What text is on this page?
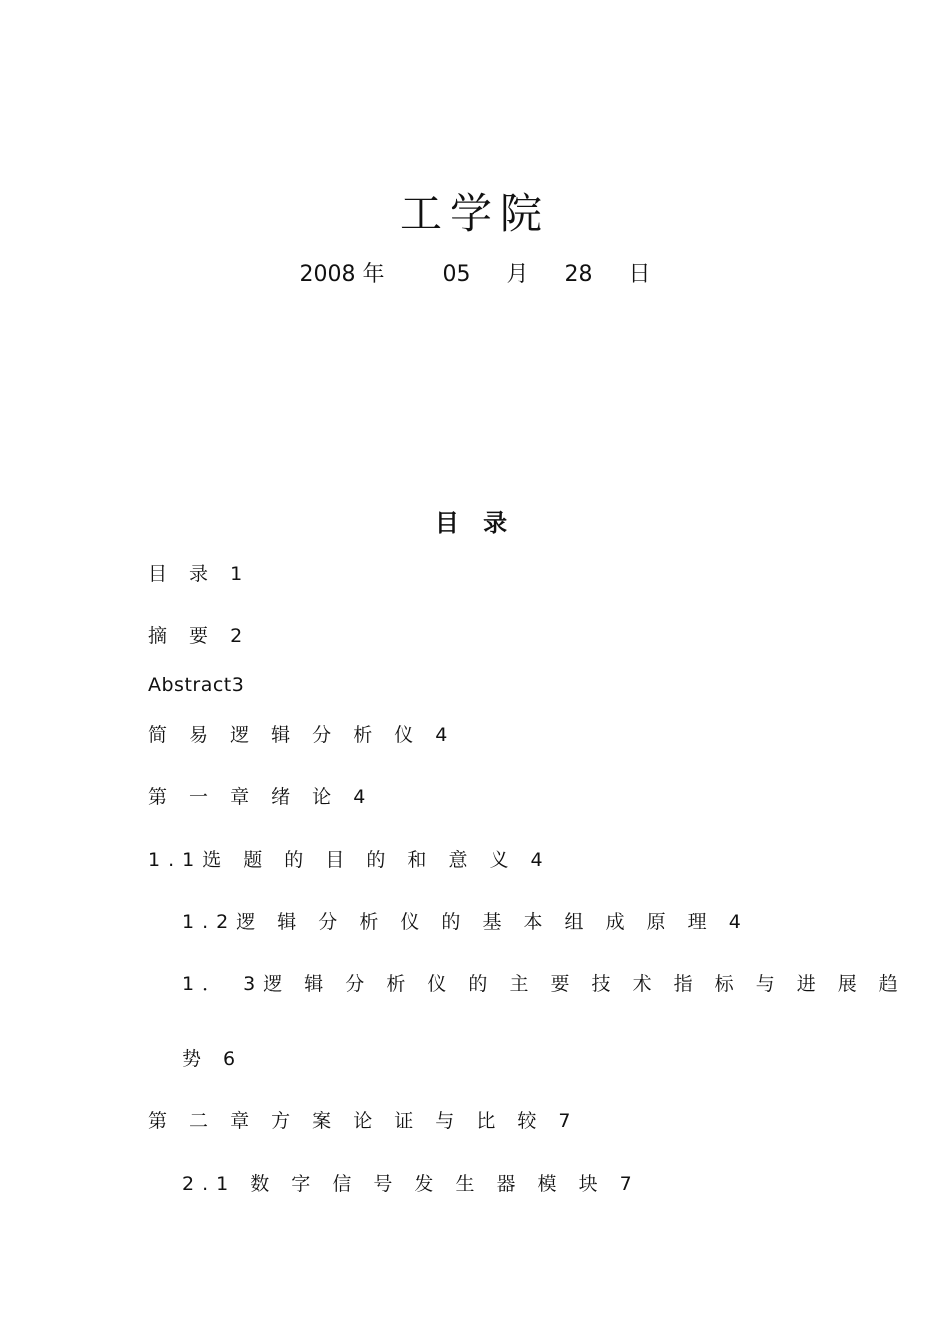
工学院
2008 年	05 月 28 日
目 录
目 录 1
摘 要 2
Abstract3
简 易 逻 辑 分 析 仪 4
第 一 章 绪 论 4
1.1选 题 的 目 的 和 意 义 4
1.2逻 辑 分 析 仪 的 基 本 组 成 原 理 4
1． 3逻 辑 分 析 仪 的 主 要 技 术 指 标 与 进 展 趋
势 6
第 二 章 方 案 论 证 与 比 较 7
2.1 数 字 信 号 发 生 器 模 块 7
